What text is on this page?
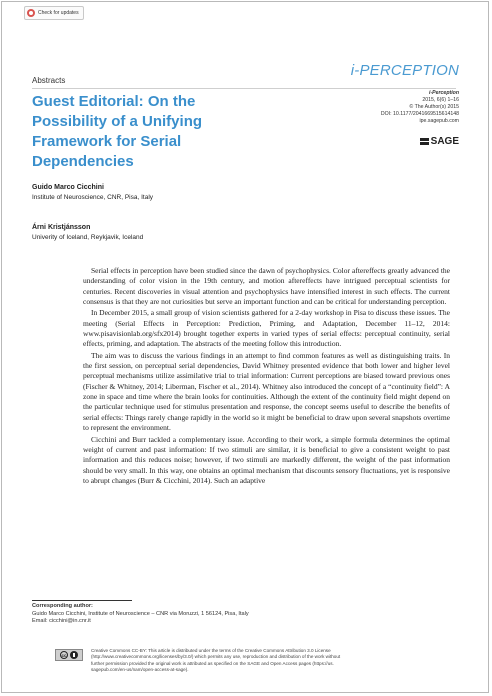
Check for updates
i-PERCEPTION
Abstracts
i-Perception
2015, 6(6) 1–16
© The Author(s) 2015
DOI: 10.1177/2041669515614148
ipe.sagepub.com
SAGE
Guest Editorial: On the
Possibility of a Unifying
Framework for Serial
Dependencies
Guido Marco Cicchini
Institute of Neuroscience, CNR, Pisa, Italy
Árni Kristjánsson
Univerity of Iceland, Reykjavik, Iceland

Serial effects in perception have been studied since the dawn of psychophysics. Color aftereffects greatly advanced the understanding of color vision in the 19th century, and motion aftereffects have intrigued perceptual scientists for centuries. Recent discoveries in visual attention and psychophysics have intensified interest in such effects. The current consensus is that they are not curiosities but serve an important function and can be critical for understanding perception.

In December 2015, a small group of vision scientists gathered for a 2-day workshop in Pisa to discuss these issues. The meeting (Serial Effects in Perception: Prediction, Priming, and Adaptation, December 11–12, 2014: www.pisavisionlab.org/sfx2014) brought together experts in varied types of serial effects: perceptual continuity, serial effects, priming, and adaptation. The abstracts of the meeting follow this introduction.

The aim was to discuss the various findings in an attempt to find common features as well as distinguishing traits. In the first session, on perceptual serial dependencies, David Whitney presented evidence that both lower and higher level perceptual mechanisms utilize assimilative trial to trial information: Current perceptions are biased toward previous ones (Fischer & Whitney, 2014; Liberman, Fischer et al., 2014). Whitney also introduced the concept of a “continuity field”: A zone in space and time where the brain looks for continuities. Although the extent of the continuity field might depend on the particular technique used for stimulus presentation and response, the concept seems useful to describe the benefits of serial effects: Things rarely change rapidly in the world so it might be beneficial to draw upon several snapshots overtime to represent the environment.

Cicchini and Burr tackled a complementary issue. According to their work, a simple formula determines the optimal weight of current and past information: If two stimuli are similar, it is beneficial to give a consistent weight to past information and this reduces noise; however, if two stimuli are markedly different, the weight of the past information should be very small. In this way, one obtains an optimal mechanism that discounts sensory fluctuations, yet is responsive to abrupt changes (Burr & Cicchini, 2014). Such an adaptive

Corresponding author:
Guido Marco Cicchini, Institute of Neuroscience – CNR via Moruzzi, 1 56124, Pisa, Italy
Email: cicchini@in.cnr.it
cc
Creative Commons CC-BY: This article is distributed under the terms of the Creative Commons Attribution 3.0 License
(http://www.creativecommons.org/licenses/by/3.0/) which permits any use, reproduction and distribution of the work without
further permission provided the original work is attributed as specified on the SAGE and Open Access pages (https://us.
sagepub.com/en-us/nam/open-access-at-sage).
